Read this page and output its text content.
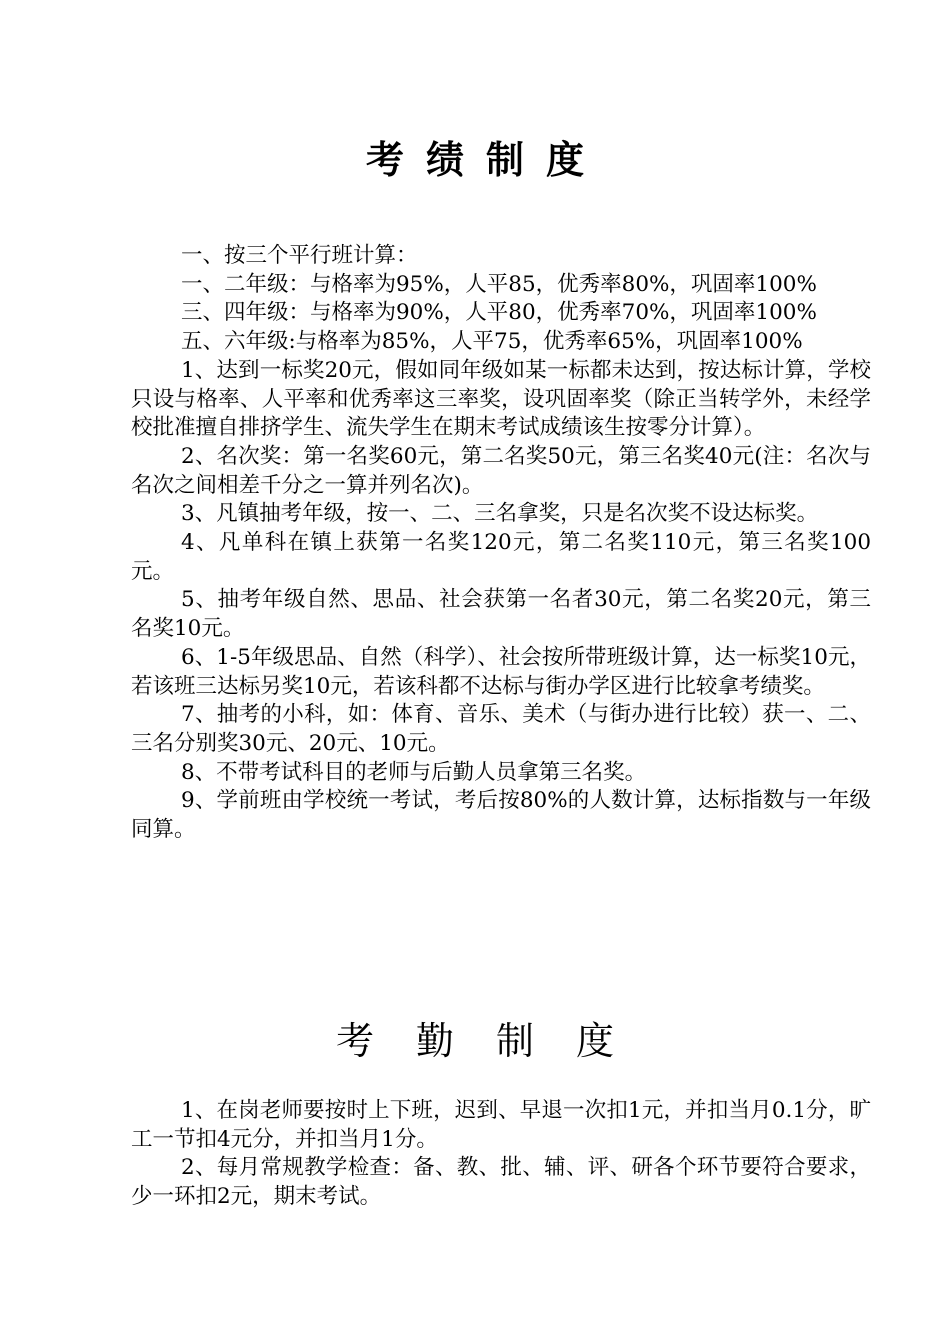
考绩制度

一、按三个平行班计算：

一、二年级：与格率为95%，人平85，优秀率80%，巩固率100%

三、四年级：与格率为90%，人平80，优秀率70%，巩固率100%

五、六年级:与格率为85%，人平75，优秀率65%，巩固率100%

1、达到一标奖20元，假如同年级如某一标都未达到，按达标计算，学校只设与格率、人平率和优秀率这三率奖，设巩固率奖（除正当转学外，未经学校批准擅自排挤学生、流失学生在期末考试成绩该生按零分计算）。

2、名次奖：第一名奖60元，第二名奖50元，第三名奖40元(注：名次与名次之间相差千分之一算并列名次)。

3、凡镇抽考年级，按一、二、三名拿奖，只是名次奖不设达标奖。

4、凡单科在镇上获第一名奖120元，第二名奖110元，第三名奖100元。

5、抽考年级自然、思品、社会获第一名者30元，第二名奖20元，第三名奖10元。

6、1-5年级思品、自然（科学）、社会按所带班级计算，达一标奖10元，若该班三达标另奖10元，若该科都不达标与街办学区进行比较拿考绩奖。

7、抽考的小科，如：体育、音乐、美术（与街办进行比较）获一、二、三名分别奖30元、20元、10元。

8、不带考试科目的老师与后勤人员拿第三名奖。

9、学前班由学校统一考试，考后按80%的人数计算，达标指数与一年级同算。

考勤制度

1、在岗老师要按时上下班，迟到、早退一次扣1元，并扣当月0.1分，旷工一节扣4元分，并扣当月1分。

2、每月常规教学检查：备、教、批、辅、评、研各个环节要符合要求，少一环扣2元，期末考试。
